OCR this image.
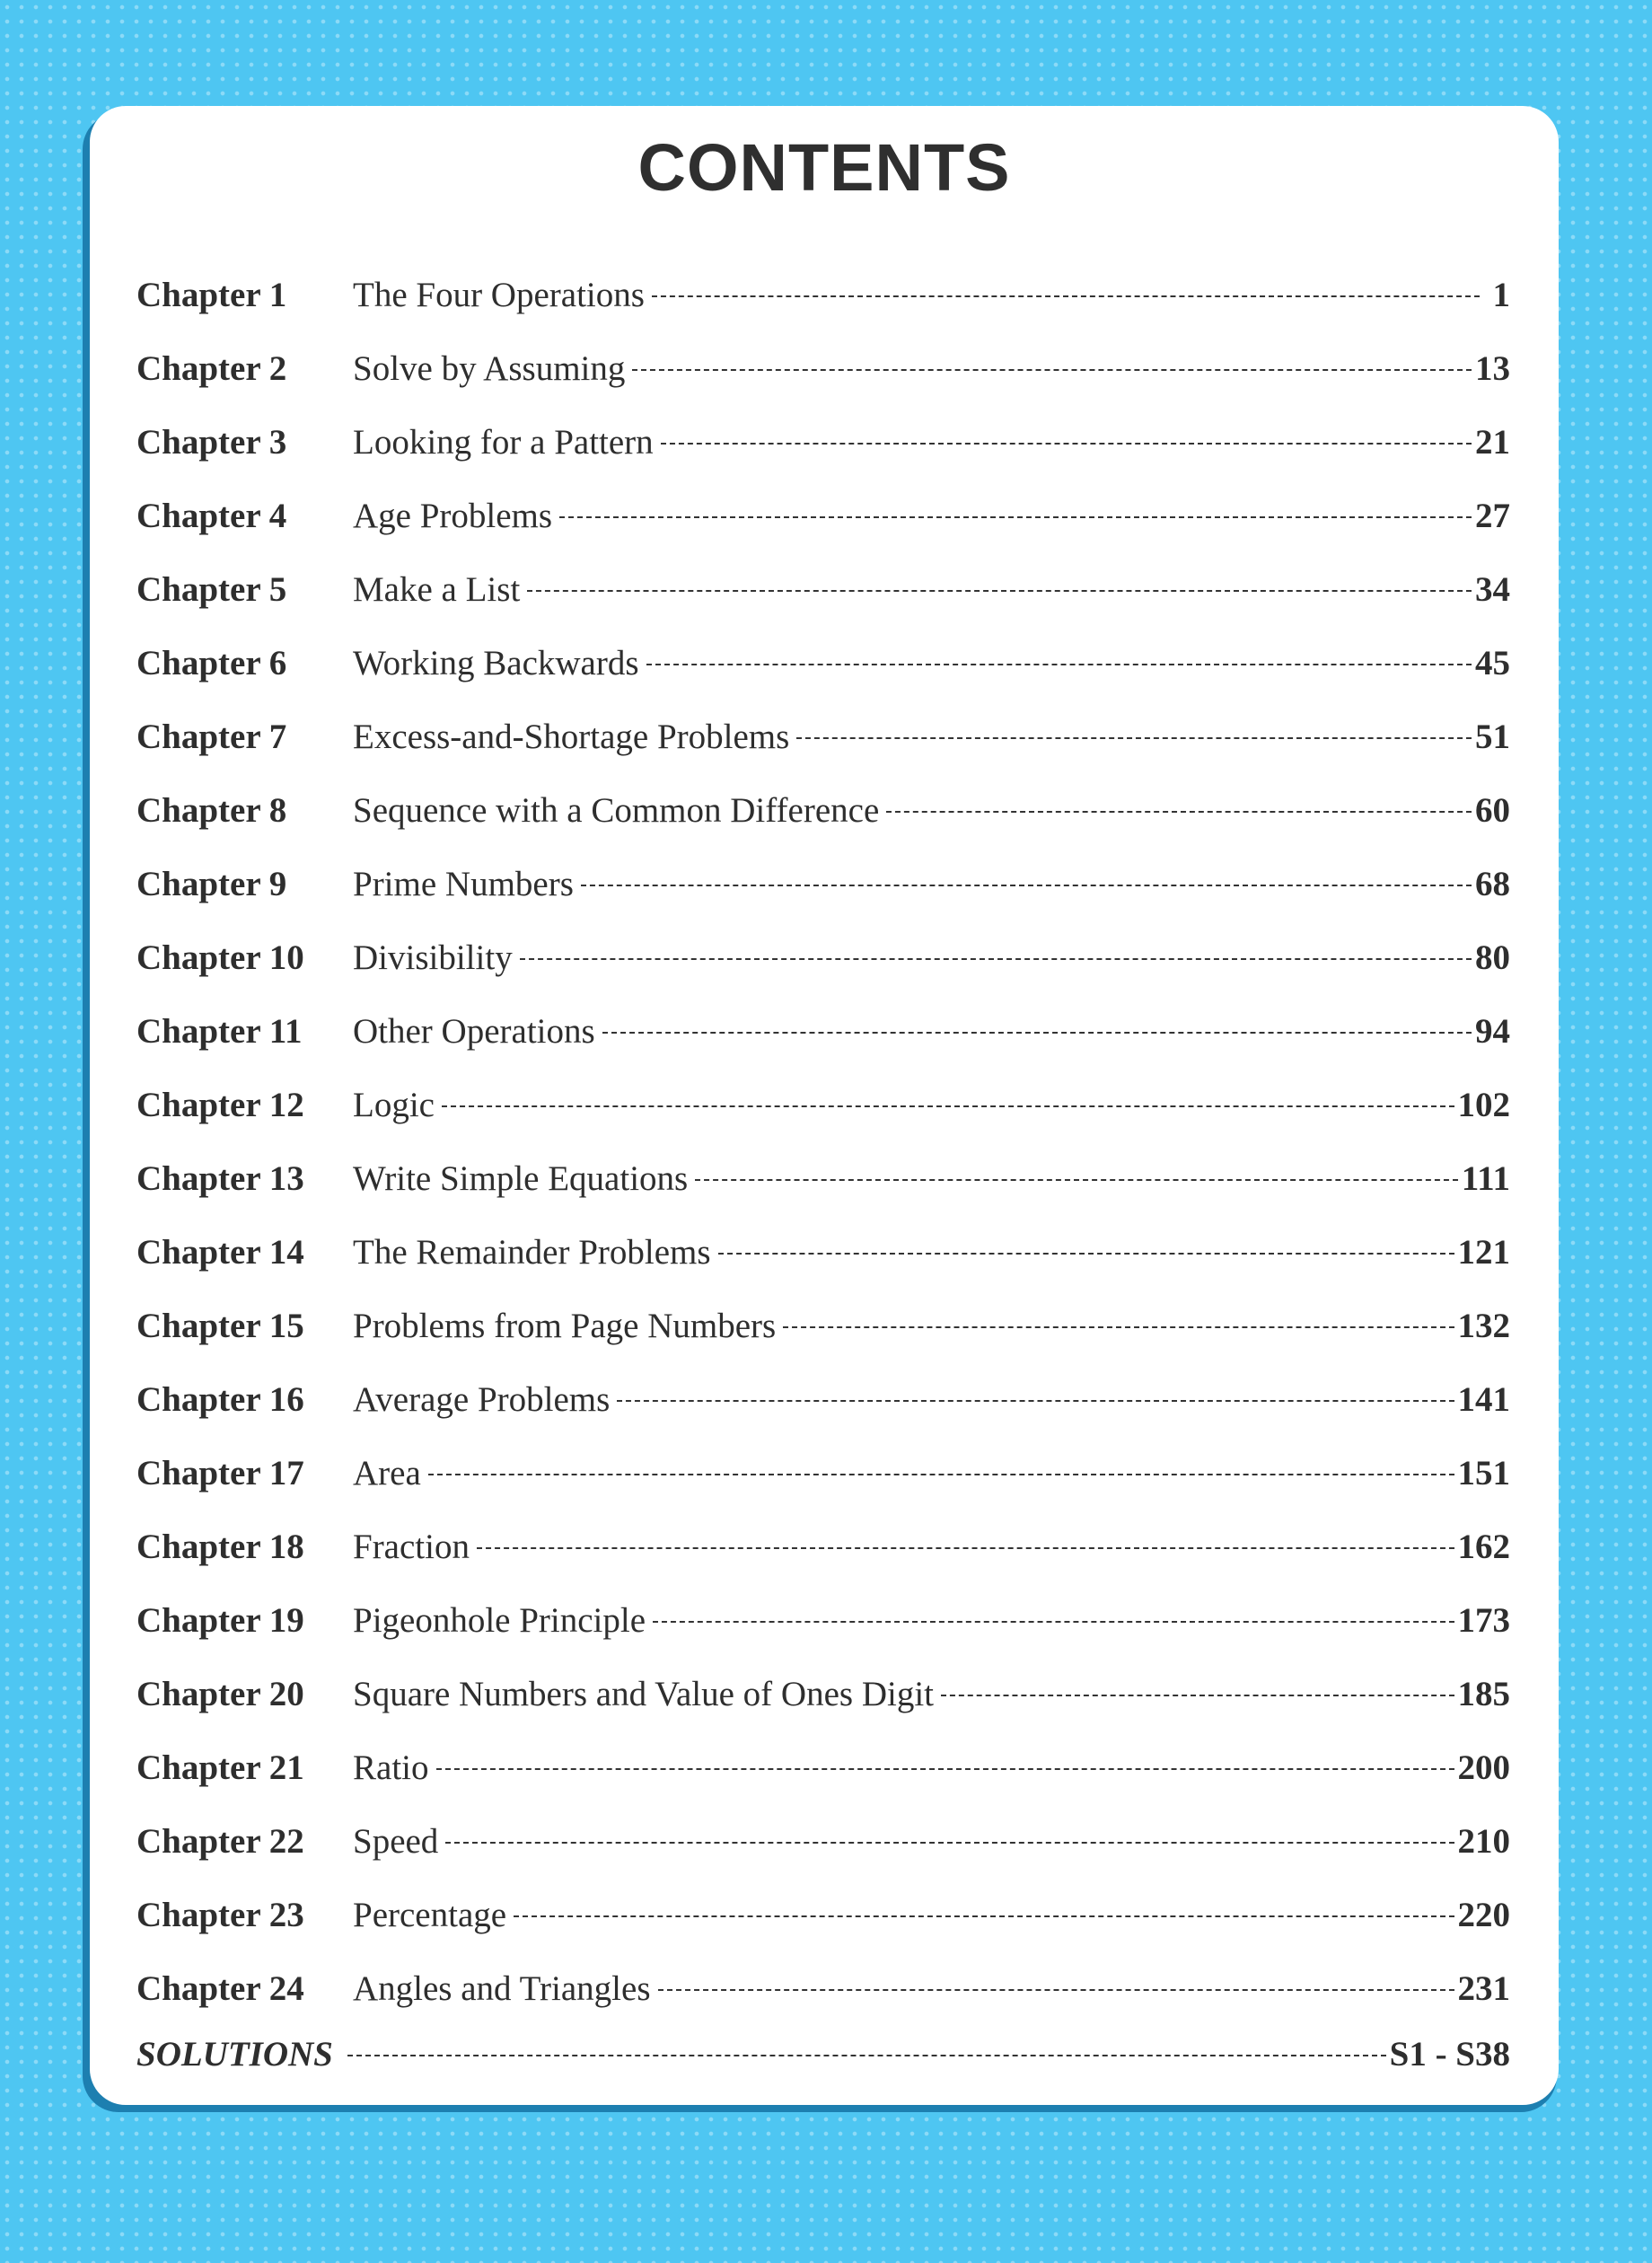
CONTENTS
Chapter 1	The Four Operations	1
Chapter 2	Solve by Assuming	13
Chapter 3	Looking for a Pattern	21
Chapter 4	Age Problems	27
Chapter 5	Make a List	34
Chapter 6	Working Backwards	45
Chapter 7	Excess-and-Shortage Problems	51
Chapter 8	Sequence with a Common Difference	60
Chapter 9	Prime Numbers	68
Chapter 10	Divisibility	80
Chapter 11	Other Operations	94
Chapter 12	Logic	102
Chapter 13	Write Simple Equations	111
Chapter 14	The Remainder Problems	121
Chapter 15	Problems from Page Numbers	132
Chapter 16	Average Problems	141
Chapter 17	Area	151
Chapter 18	Fraction	162
Chapter 19	Pigeonhole Principle	173
Chapter 20	Square Numbers and Value of Ones Digit	185
Chapter 21	Ratio	200
Chapter 22	Speed	210
Chapter 23	Percentage	220
Chapter 24	Angles and Triangles	231
SOLUTIONS	S1 - S38
